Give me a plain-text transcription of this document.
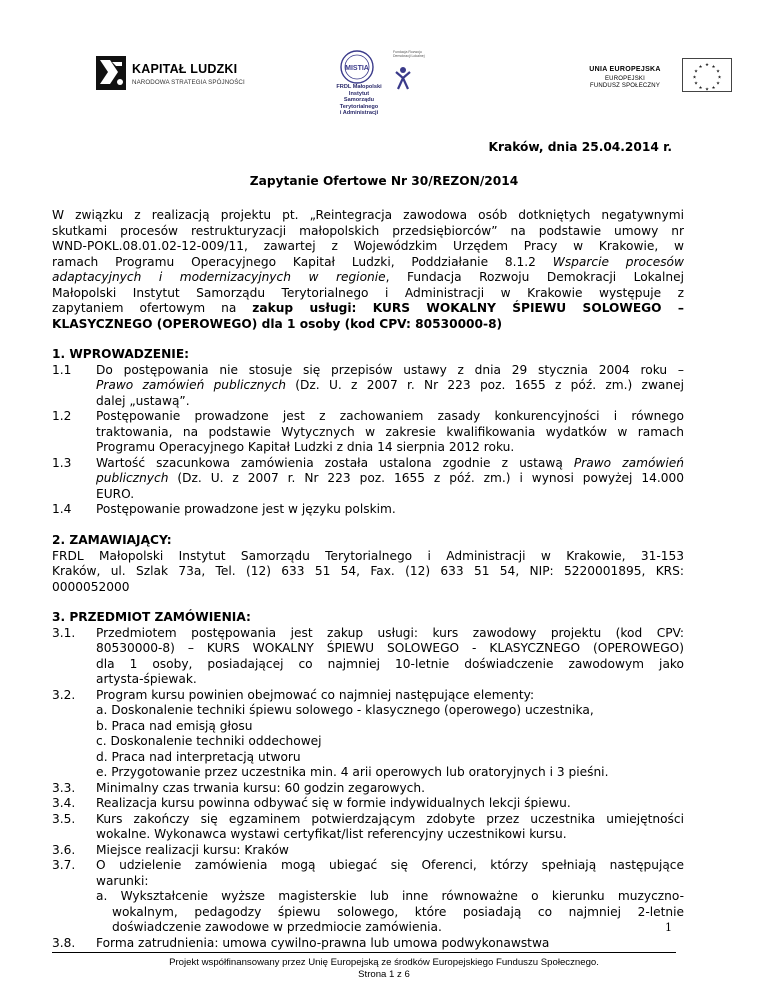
KAPITAŁ LUDZKI
NARODOWA STRATEGIA SPÓJNOŚCI
MISTIA
FRDL Małopolski Instytut
Samorządu Terytorialnego
i Administracji
Fundacja Rozwoju
Demokracji Lokalnej
UNIA EUROPEJSKA
EUROPEJSKI
FUNDUSZ SPOŁECZNY
★ ★
★
★
★
★
★
★
★
★
★
★
Kraków, dnia 25.04.2014 r.
Zapytanie Ofertowe Nr 30/REZON/2014
W związku z realizacją projektu pt. „Reintegracja zawodowa osób dotkniętych negatywnymi
skutkami procesów restrukturyzacji małopolskich przedsiębiorców” na podstawie umowy nr
WND-POKL.08.01.02-12-009/11, zawartej z Wojewódzkim Urzędem Pracy w Krakowie, w
ramach Programu Operacyjnego Kapitał Ludzki, Poddziałanie 8.1.2 Wsparcie procesów
adaptacyjnych i modernizacyjnych w regionie, Fundacja Rozwoju Demokracji Lokalnej
Małopolski Instytut Samorządu Terytorialnego i Administracji w Krakowie występuje z
zapytaniem ofertowym na zakup usługi: KURS WOKALNY ŚPIEWU SOLOWEGO –
KLASYCZNEGO (OPEROWEGO) dla 1 osoby (kod CPV: 80530000-8)
1. WPROWADZENIE:
1.1 Do postępowania nie stosuje się przepisów ustawy z dnia 29 stycznia 2004 roku –
Prawo zamówień publicznych (Dz. U. z 2007 r. Nr 223 poz. 1655 z póź. zm.) zwanej
dalej „ustawą”.
1.2 Postępowanie prowadzone jest z zachowaniem zasady konkurencyjności i równego
traktowania, na podstawie Wytycznych w zakresie kwalifikowania wydatków w ramach
Programu Operacyjnego Kapitał Ludzki z dnia 14 sierpnia 2012 roku.
1.3 Wartość szacunkowa zamówienia została ustalona zgodnie z ustawą Prawo zamówień
publicznych (Dz. U. z 2007 r. Nr 223 poz. 1655 z póź. zm.) i wynosi powyżej 14.000
EURO.
1.4 Postępowanie prowadzone jest w języku polskim.
2. ZAMAWIAJĄCY:
FRDL Małopolski Instytut Samorządu Terytorialnego i Administracji w Krakowie, 31-153
Kraków, ul. Szlak 73a, Tel. (12) 633 51 54, Fax. (12) 633 51 54, NIP: 5220001895, KRS:
0000052000
3. PRZEDMIOT ZAMÓWIENIA:
3.1. Przedmiotem postępowania jest zakup usługi: kurs zawodowy projektu (kod CPV:
80530000-8) – KURS WOKALNY ŚPIEWU SOLOWEGO - KLASYCZNEGO (OPEROWEGO)
dla 1 osoby, posiadającej co najmniej 10-letnie doświadczenie zawodowym jako
artysta-śpiewak.
3.2. Program kursu powinien obejmować co najmniej następujące elementy:
a. Doskonalenie techniki śpiewu solowego - klasycznego (operowego) uczestnika,
b. Praca nad emisją głosu
c. Doskonalenie techniki oddechowej
d. Praca nad interpretacją utworu
e. Przygotowanie przez uczestnika min. 4 arii operowych lub oratoryjnych i 3 pieśni.
3.3. Minimalny czas trwania kursu: 60 godzin zegarowych.
3.4. Realizacja kursu powinna odbywać się w formie indywidualnych lekcji śpiewu.
3.5. Kurs zakończy się egzaminem potwierdzającym zdobyte przez uczestnika umiejętności
wokalne. Wykonawca wystawi certyfikat/list referencyjny uczestnikowi kursu.
3.6. Miejsce realizacji kursu: Kraków
3.7. O udzielenie zamówienia mogą ubiegać się Oferenci, którzy spełniają następujące
warunki:
a. Wykształcenie wyższe magisterskie lub inne równoważne o kierunku muzyczno-
wokalnym, pedagodzy śpiewu solowego, które posiadają co najmniej 2-letnie
doświadczenie zawodowe w przedmiocie zamówienia.
3.8. Forma zatrudnienia: umowa cywilno-prawna lub umowa podwykonawstwa
1
Projekt współfinansowany przez Unię Europejską ze środków Europejskiego Funduszu Społecznego.
Strona 1 z 6
